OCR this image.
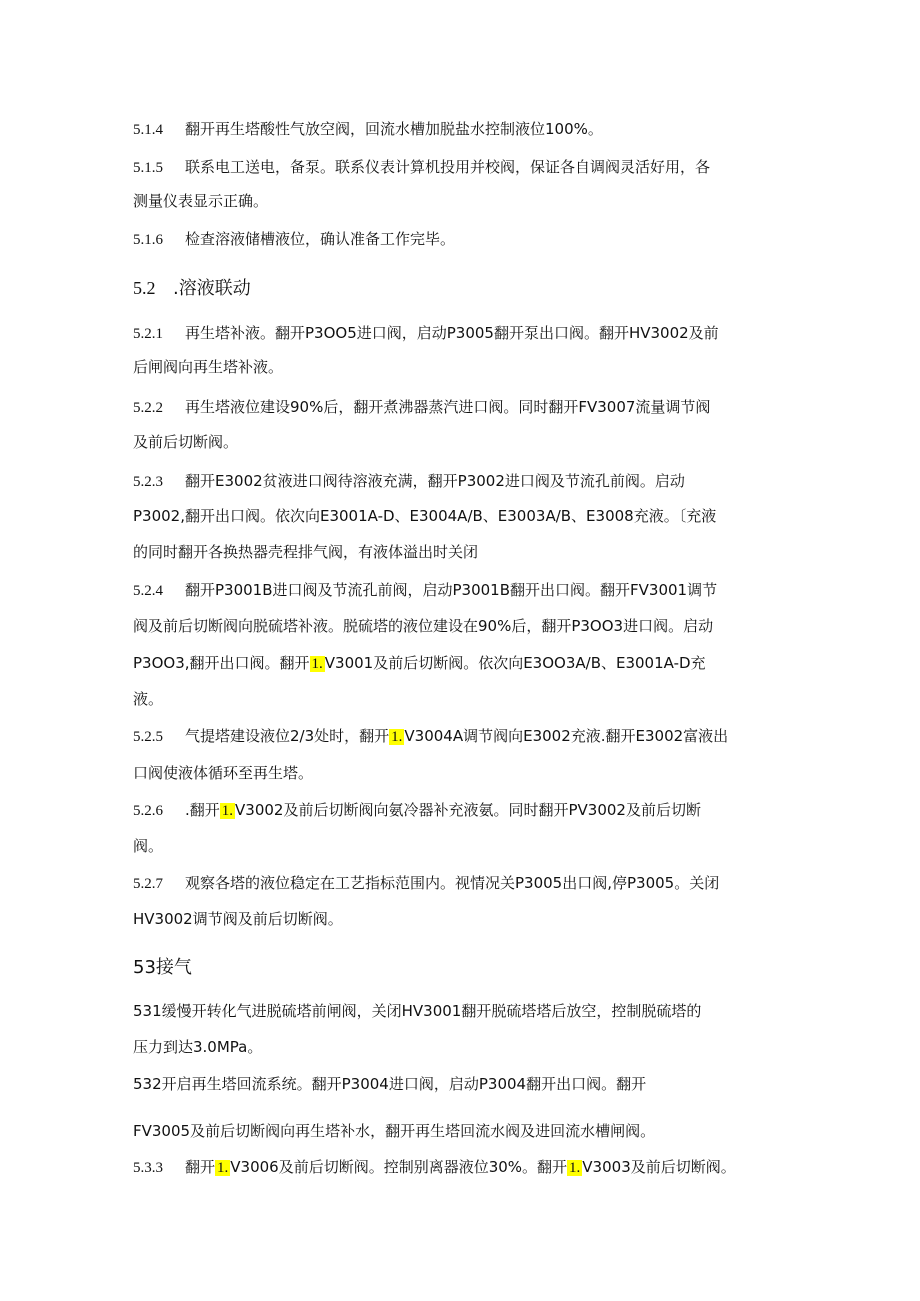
5.1.4 翻开再生塔酸性气放空阀，回流水槽加脱盐水控制液位100%。
5.1.5 联系电工送电，备泵。联系仪表计算机投用并校阀，保证各自调阀灵活好用，各
测量仪表显示正确。
5.1.6 检查溶液储槽液位，确认准备工作完毕。
5.2 .溶液联动
5.2.1 再生塔补液。翻开P3OO5进口阀，启动P3005翻开泵出口阀。翻开HV3002及前
后闸阀向再生塔补液。
5.2.2 再生塔液位建设90%后，翻开煮沸器蒸汽进口阀。同时翻开FV3007流量调节阀
及前后切断阀。
5.2.3 翻开E3002贫液进口阀待溶液充满，翻开P3002进口阀及节流孔前阀。启动
P3002,翻开出口阀。依次向E3001A-D、E3004A/B、E3003A/B、E3008充液。〔充液
的同时翻开各换热器壳程排气阀，有液体溢出时关闭
5.2.4 翻开P3001B进口阀及节流孔前阀，启动P3001B翻开出口阀。翻开FV3001调节
阀及前后切断阀向脱硫塔补液。脱硫塔的液位建设在90%后，翻开P3OO3进口阀。启动
P3OO3,翻开出口阀。翻开 1. V3001及前后切断阀。依次向E3OO3A/B、E3001A-D充
液。
5.2.5 气提塔建设液位2/3处时，翻开 1. V3004A调节阀向E3002充液.翻开E3002富液出
口阀使液体循环至再生塔。
5.2.6 .翻开 1. V3002及前后切断阀向氨冷器补充液氨。同时翻开PV3002及前后切断
阀。
5.2.7 观察各塔的液位稳定在工艺指标范围内。视情况关P3005出口阀,停P3005。关闭
HV3002调节阀及前后切断阀。
53接气
531缓慢开转化气进脱硫塔前闸阀，关闭HV3001翻开脱硫塔塔后放空，控制脱硫塔的
压力到达3.0MPa。
532开启再生塔回流系统。翻开P3004进口阀，启动P3004翻开出口阀。翻开
FV3005及前后切断阀向再生塔补水，翻开再生塔回流水阀及进回流水槽闸阀。
5.3.3 翻开 1. V3006及前后切断阀。控制别离器液位30%。翻开 1. V3003及前后切断阀。
